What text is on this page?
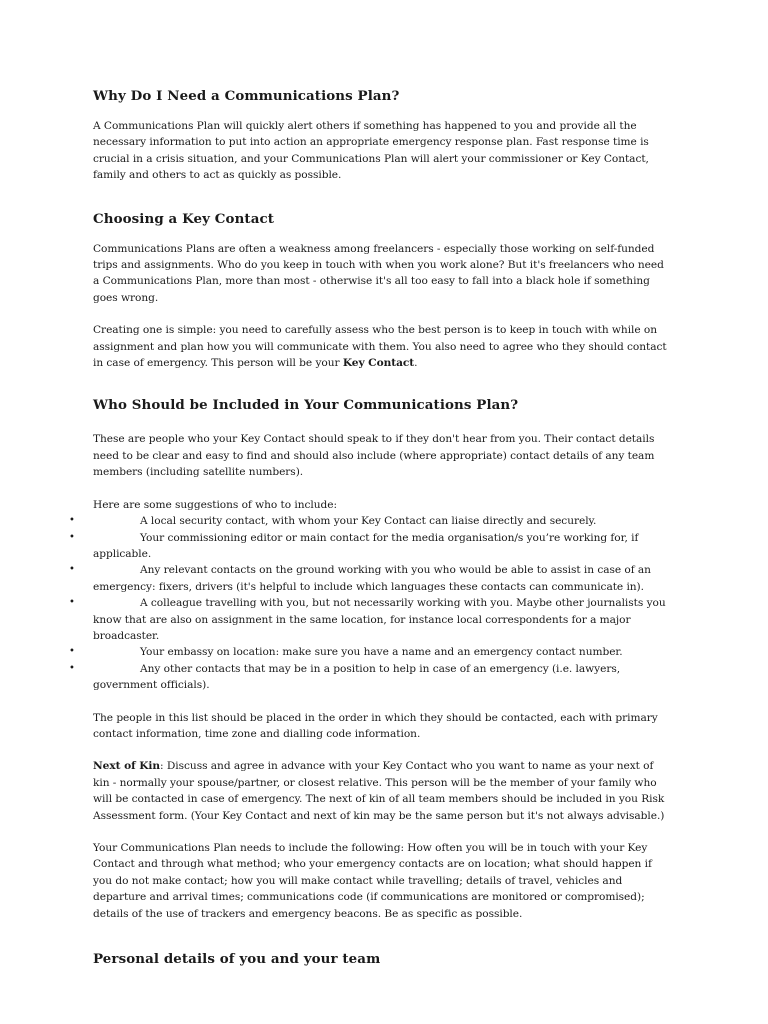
Why Do I Need a Communications Plan?

A Communications Plan will quickly alert others if something has happened to you and provide all the necessary information to put into action an appropriate emergency response plan. Fast response time is crucial in a crisis situation, and your Communications Plan will alert your commissioner or Key Contact, family and others to act as quickly as possible.

Choosing a Key Contact

Communications Plans are often a weakness among freelancers - especially those working on self-funded trips and assignments. Who do you keep in touch with when you work alone? But it's freelancers who need a Communications Plan, more than most - otherwise it's all too easy to fall into a black hole if something goes wrong.

Creating one is simple: you need to carefully assess who the best person is to keep in touch with while on assignment and plan how you will communicate with them. You also need to agree who they should contact in case of emergency. This person will be your Key Contact.

Who Should be Included in Your Communications Plan?

These are people who your Key Contact should speak to if they don't hear from you. Their contact details need to be clear and easy to find and should also include (where appropriate) contact details of any team members (including satellite numbers).

Here are some suggestions of who to include:

•	A local security contact, with whom your Key Contact can liaise directly and securely.
•	Your commissioning editor or main contact for the media organisation/s you’re working for, if applicable.
•	Any relevant contacts on the ground working with you who would be able to assist in case of an emergency: fixers, drivers (it's helpful to include which languages these contacts can communicate in).
•	A colleague travelling with you, but not necessarily working with you. Maybe other journalists you know that are also on assignment in the same location, for instance local correspondents for a major broadcaster.
•	Your embassy on location: make sure you have a name and an emergency contact number.
•	Any other contacts that may be in a position to help in case of an emergency (i.e. lawyers, government officials).

The people in this list should be placed in the order in which they should be contacted, each with primary contact information, time zone and dialling code information.

Next of Kin: Discuss and agree in advance with your Key Contact who you want to name as your next of kin - normally your spouse/partner, or closest relative. This person will be the member of your family who will be contacted in case of emergency. The next of kin of all team members should be included in you Risk Assessment form. (Your Key Contact and next of kin may be the same person but it's not always advisable.)

Your Communications Plan needs to include the following: How often you will be in touch with your Key Contact and through what method; who your emergency contacts are on location; what should happen if you do not make contact; how you will make contact while travelling; details of travel, vehicles and departure and arrival times; communications code (if communications are monitored or compromised); details of the use of trackers and emergency beacons. Be as specific as possible.

Personal details of you and your team
